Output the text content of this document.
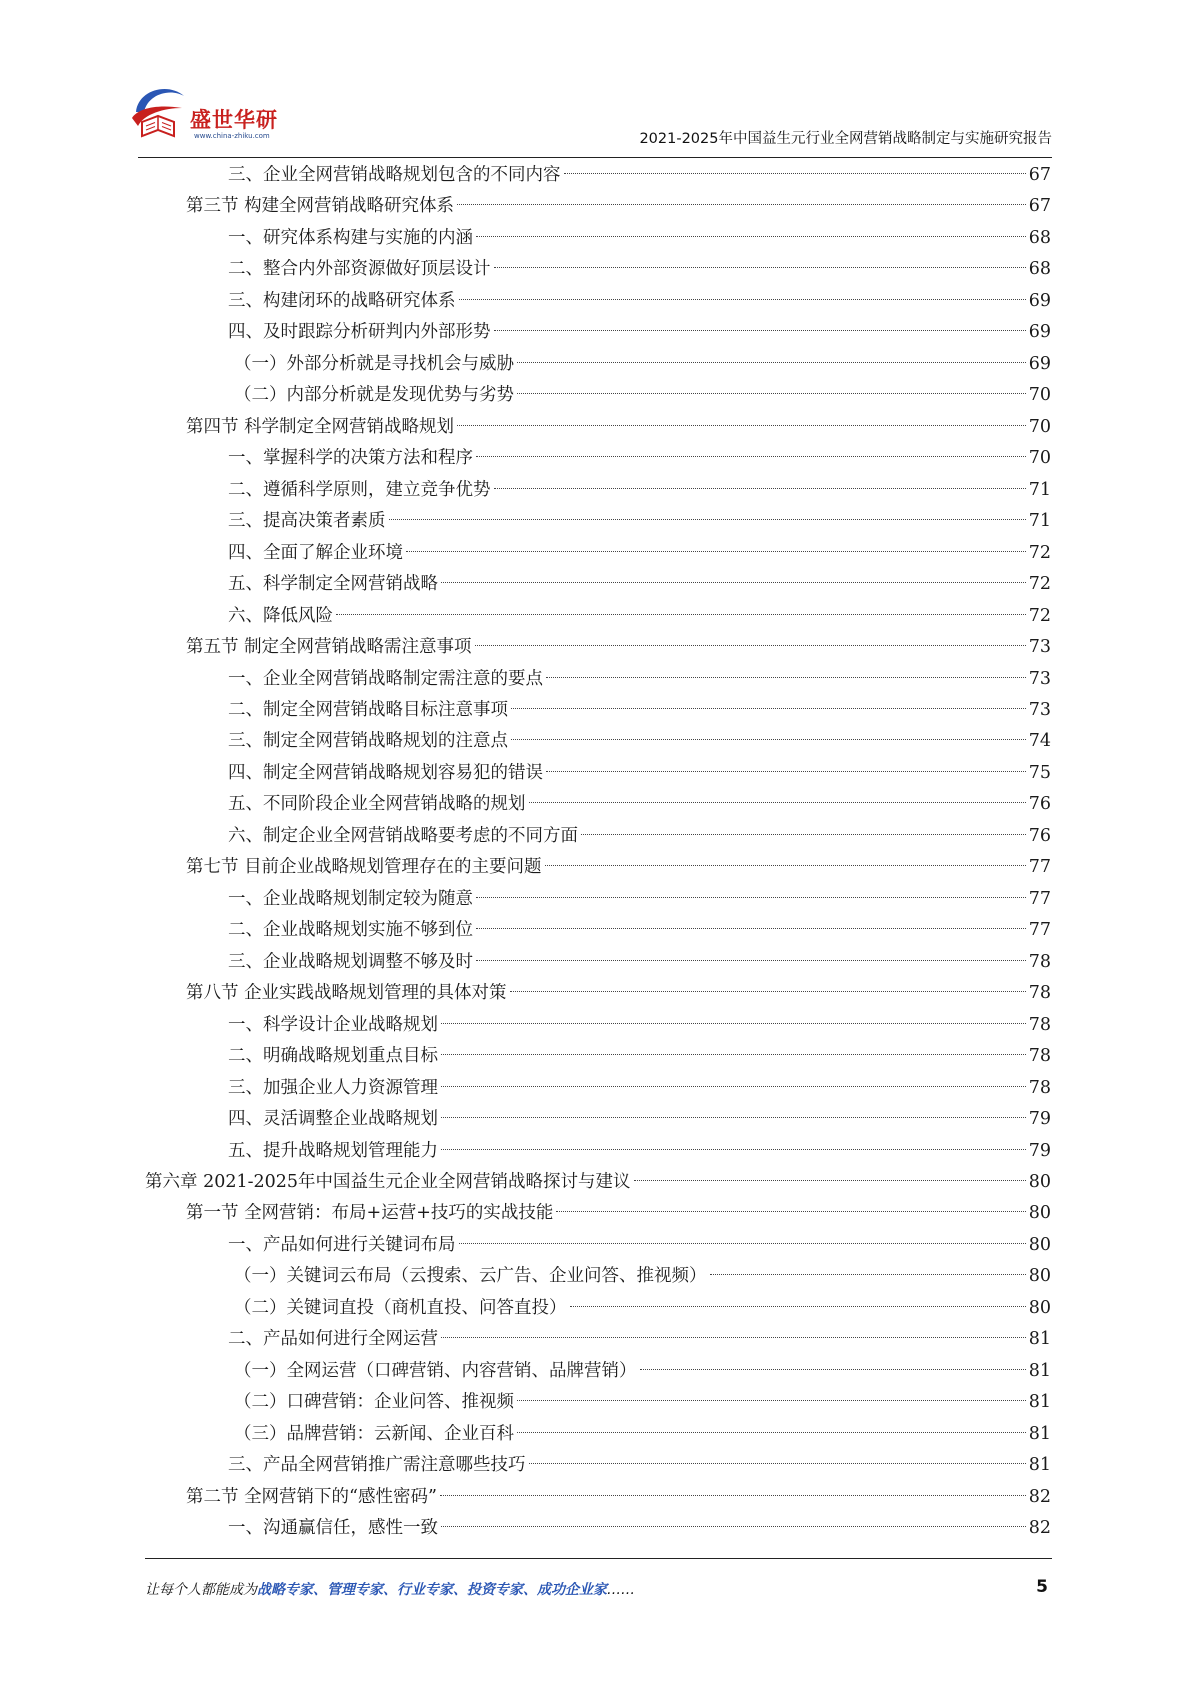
盛世华研
www.china-zhiku.com	2021-2025年中国益生元行业全网营销战略制定与实施研究报告
三、企业全网营销战略规划包含的不同内容	67
第三节 构建全网营销战略研究体系	67
一、研究体系构建与实施的内涵	68
二、整合内外部资源做好顶层设计	68
三、构建闭环的战略研究体系	69
四、及时跟踪分析研判内外部形势	69
（一）外部分析就是寻找机会与威胁	69
（二）内部分析就是发现优势与劣势	70
第四节 科学制定全网营销战略规划	70
一、掌握科学的决策方法和程序	70
二、遵循科学原则，建立竞争优势	71
三、提高决策者素质	71
四、全面了解企业环境	72
五、科学制定全网营销战略	72
六、降低风险	72
第五节 制定全网营销战略需注意事项	73
一、企业全网营销战略制定需注意的要点	73
二、制定全网营销战略目标注意事项	73
三、制定全网营销战略规划的注意点	74
四、制定全网营销战略规划容易犯的错误	75
五、不同阶段企业全网营销战略的规划	76
六、制定企业全网营销战略要考虑的不同方面	76
第七节 目前企业战略规划管理存在的主要问题	77
一、企业战略规划制定较为随意	77
二、企业战略规划实施不够到位	77
三、企业战略规划调整不够及时	78
第八节 企业实践战略规划管理的具体对策	78
一、科学设计企业战略规划	78
二、明确战略规划重点目标	78
三、加强企业人力资源管理	78
四、灵活调整企业战略规划	79
五、提升战略规划管理能力	79
第六章 2021-2025年中国益生元企业全网营销战略探讨与建议	80
第一节 全网营销：布局+运营+技巧的实战技能	80
一、产品如何进行关键词布局	80
（一）关键词云布局（云搜索、云广告、企业问答、推视频）	80
（二）关键词直投（商机直投、问答直投）	80
二、产品如何进行全网运营	81
（一）全网运营（口碑营销、内容营销、品牌营销）	81
（二）口碑营销：企业问答、推视频	81
（三）品牌营销：云新闻、企业百科	81
三、产品全网营销推广需注意哪些技巧	81
第二节 全网营销下的“感性密码”	82
一、沟通赢信任，感性一致	82
让每个人都能成为战略专家、管理专家、行业专家、投资专家、成功企业家……	5
